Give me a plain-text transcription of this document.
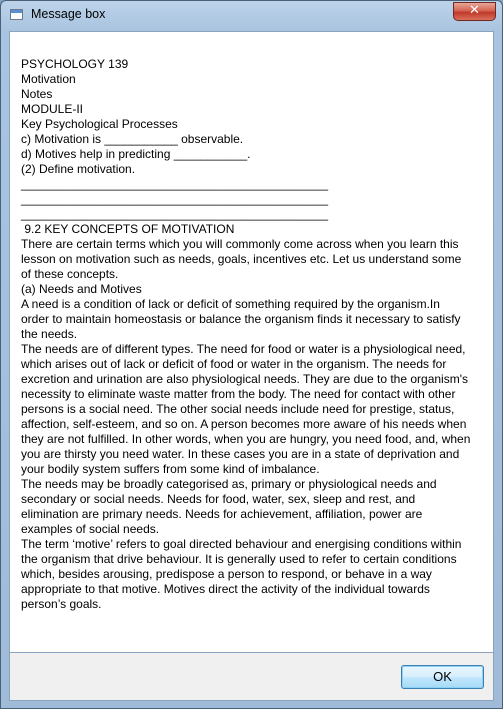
Message box	✕
PSYCHOLOGY 139
Motivation
Notes
MODULE-II
Key Psychological Processes
c) Motivation is ___________ observable.
d) Motives help in predicting ___________.
(2) Define motivation.
______________________________________________
______________________________________________
______________________________________________
9.2 KEY CONCEPTS OF MOTIVATION
There are certain terms which you will commonly come across when you learn this lesson on motivation such as needs, goals, incentives etc. Let us understand some of these concepts.
(a) Needs and Motives
A need is a condition of lack or deficit of something required by the organism.In order to maintain homeostasis or balance the organism finds it necessary to satisfy the needs.
The needs are of different types. The need for food or water is a physiological need, which arises out of lack or deficit of food or water in the organism. The needs for excretion and urination are also physiological needs. They are due to the organism's necessity to eliminate waste matter from the body. The need for contact with other persons is a social need. The other social needs include need for prestige, status, affection, self-esteem, and so on. A person becomes more aware of his needs when they are not fulfilled. In other words, when you are hungry, you need food, and, when you are thirsty you need water. In these cases you are in a state of deprivation and your bodily system suffers from some kind of imbalance.
The needs may be broadly categorised as, primary or physiological needs and secondary or social needs. Needs for food, water, sex, sleep and rest, and elimination are primary needs. Needs for achievement, affiliation, power are examples of social needs.
The term ‘motive’ refers to goal directed behaviour and energising conditions within the organism that drive behaviour. It is generally used to refer to certain conditions which, besides arousing, predispose a person to respond, or behave in a way appropriate to that motive. Motives direct the activity of the individual towards person’s goals.
OK
